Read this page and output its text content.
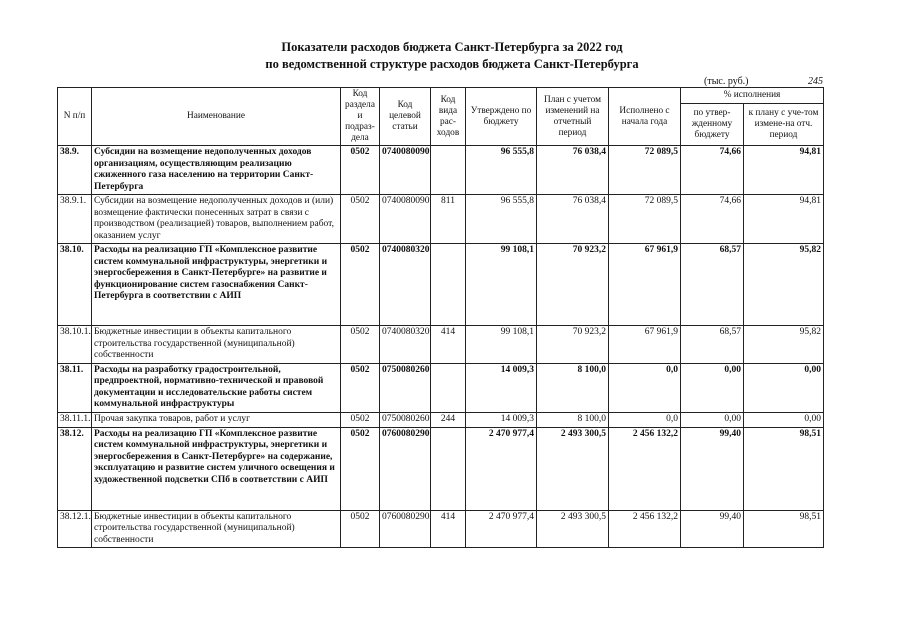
Показатели расходов бюджета Санкт-Петербурга за 2022 год
по ведомственной структуре расходов бюджета Санкт-Петербурга
(тыс. руб.)	245
N п/п	Наименование	Код раздела и подраз-дела	Код целевой статьи	Код вида рас-ходов	Утверждено по бюджету	План с учетом изменений на отчетный период	Исполнено с начала года	% исполнения	
								по утвер-жденному бюджету	к плану с уче-том измене-на отч. период
38.9.	Субсидии на возмещение недополученных доходов организациям, осуществляющим реализацию сжиженного газа населению на территории Санкт-Петербурга	0502	0740080090		96 555,8	76 038,4	72 089,5	74,66	94,81
38.9.1.	Субсидии на возмещение недополученных доходов и (или) возмещение фактически понесенных затрат в связи с производством (реализацией) товаров, выполнением работ, оказанием услуг	0502	0740080090	811	96 555,8	76 038,4	72 089,5	74,66	94,81
38.10.	Расходы на реализацию ГП «Комплексное развитие систем коммунальной инфраструктуры, энергетики и энергосбережения в Санкт-Петербурге» на развитие и функционирование систем газоснабжения Санкт-Петербурга в соответствии с АИП	0502	0740080320		99 108,1	70 923,2	67 961,9	68,57	95,82
38.10.1.	Бюджетные инвестиции в объекты капитального строительства государственной (муниципальной) собственности	0502	0740080320	414	99 108,1	70 923,2	67 961,9	68,57	95,82
38.11.	Расходы на разработку градостроительной, предпроектной, нормативно-технической и правовой документации и исследовательские работы систем коммунальной инфраструктуры	0502	0750080260		14 009,3	8 100,0	0,0	0,00	0,00
38.11.1.	Прочая закупка товаров, работ и услуг	0502	0750080260	244	14 009,3	8 100,0	0,0	0,00	0,00
38.12.	Расходы на реализацию ГП «Комплексное развитие систем коммунальной инфраструктуры, энергетики и энергосбережения в Санкт-Петербурге» на содержание, эксплуатацию и развитие систем уличного освещения и художественной подсветки СПб в соответствии с АИП	0502	0760080290		2 470 977,4	2 493 300,5	2 456 132,2	99,40	98,51
38.12.1.	Бюджетные инвестиции в объекты капитального строительства государственной (муниципальной) собственности	0502	0760080290	414	2 470 977,4	2 493 300,5	2 456 132,2	99,40	98,51
